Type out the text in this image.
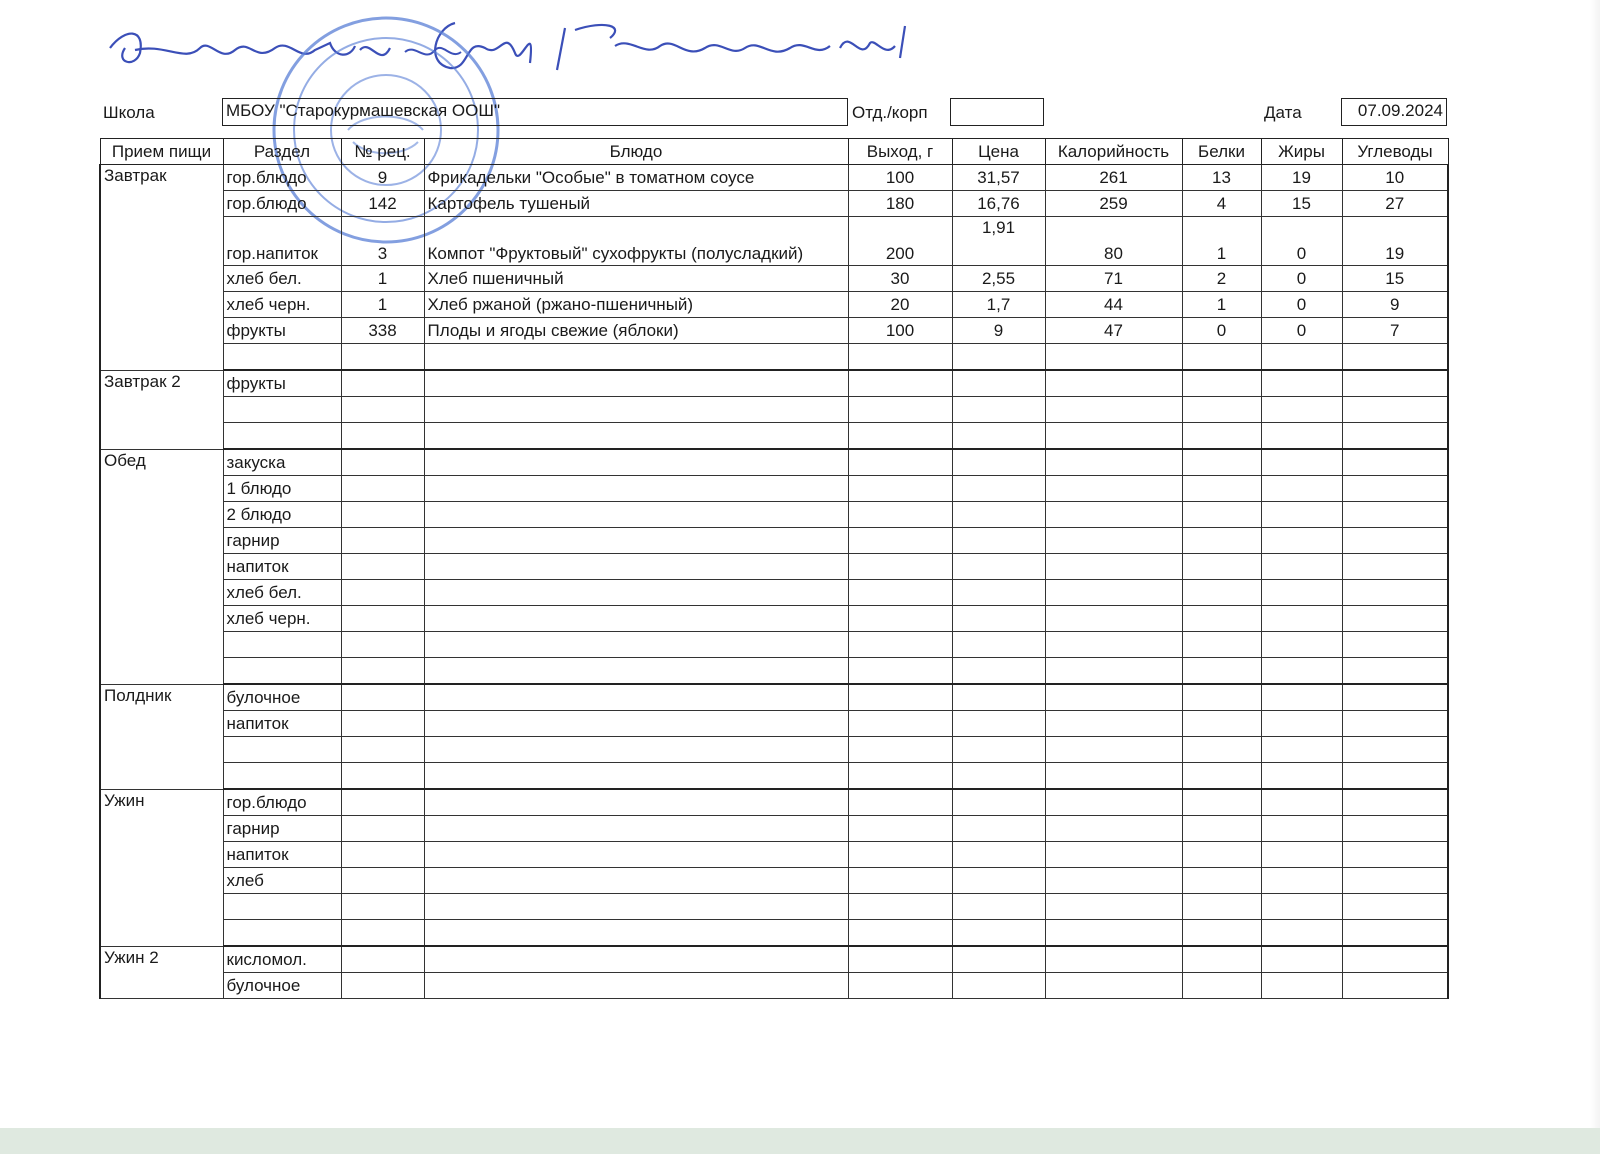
Школа	МБОУ "Старокурмашевская ООШ"	Отд./корп	Дата	07.09.2024
Прием пищи	Раздел	№ рец.	Блюдо	Выход, г	Цена	Калорийность	Белки	Жиры	Углеводы
Завтрак	гор.блюдо	9	Фрикадельки "Особые" в томатном соусе	100	31,57	261	13	19	10
	гор.блюдо	142	Картофель тушеный	180	16,76	259	4	15	27
	гор.напиток	3	Компот "Фруктовый" сухофрукты (полусладкий)	200	1,91	80	1	0	19
	хлеб бел.	1	Хлеб пшеничный	30	2,55	71	2	0	15
	хлеб черн.	1	Хлеб ржаной (ржано-пшеничный)	20	1,7	44	1	0	9
	фрукты	338	Плоды и ягоды свежие (яблоки)	100	9	47	0	0	7

Завтрак 2	фрукты								

Обед	закуска								
	1 блюдо								
	2 блюдо								
	гарнир								
	напиток								
	хлеб бел.								
	хлеб черн.								

Полдник	булочное								
	напиток								

Ужин	гор.блюдо								
	гарнир								
	напиток								
	хлеб								

Ужин 2	кисломол.								
	булочное								
